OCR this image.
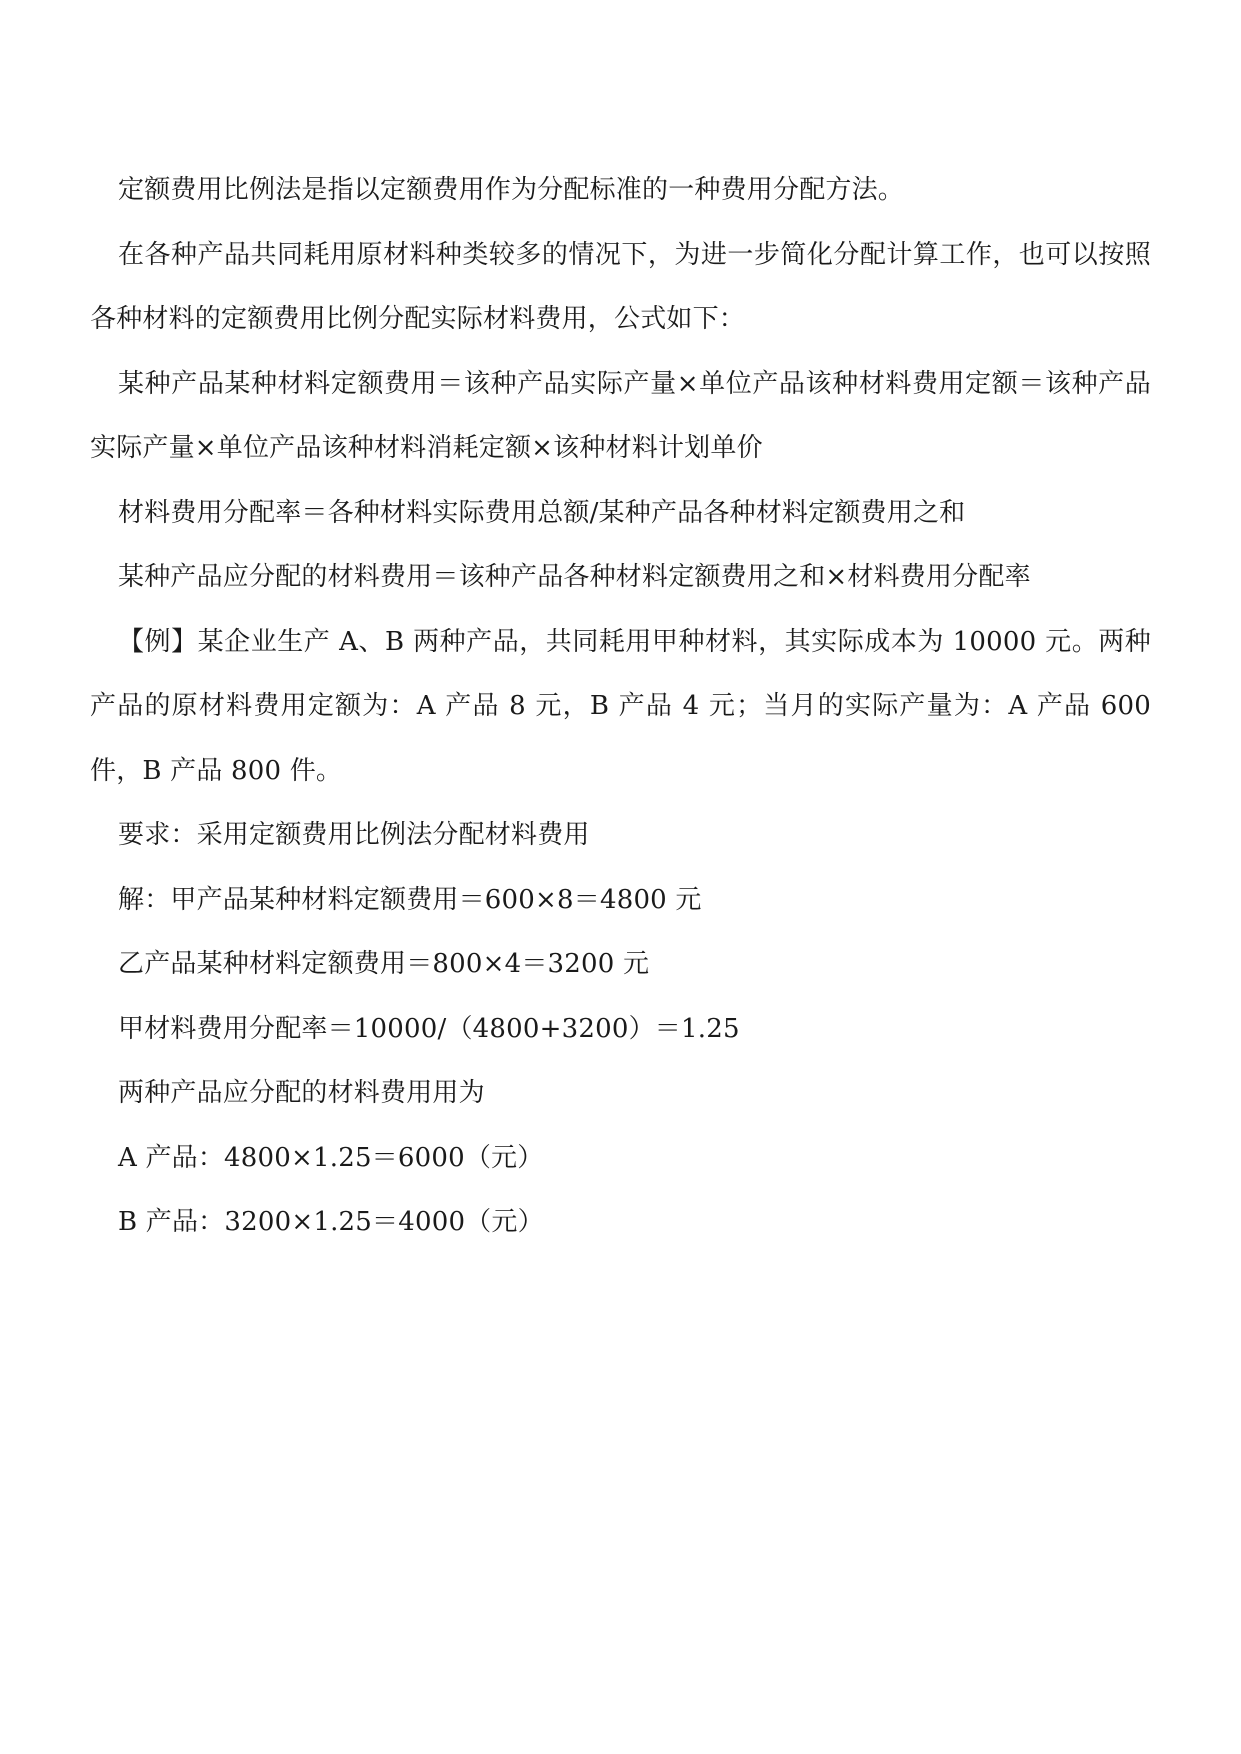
定额费用比例法是指以定额费用作为分配标准的一种费用分配方法。

在各种产品共同耗用原材料种类较多的情况下，为进一步简化分配计算工作，也可以按照各种材料的定额费用比例分配实际材料费用，公式如下：

某种产品某种材料定额费用＝该种产品实际产量×单位产品该种材料费用定额＝该种产品实际产量×单位产品该种材料消耗定额×该种材料计划单价

材料费用分配率＝各种材料实际费用总额/某种产品各种材料定额费用之和

某种产品应分配的材料费用＝该种产品各种材料定额费用之和×材料费用分配率

【例】某企业生产 A、B 两种产品，共同耗用甲种材料，其实际成本为 10000 元。两种产品的原材料费用定额为：A 产品 8 元，B 产品 4 元；当月的实际产量为：A 产品 600 件，B 产品 800 件。

要求：采用定额费用比例法分配材料费用

解：甲产品某种材料定额费用＝600×8＝4800 元

乙产品某种材料定额费用＝800×4＝3200 元

甲材料费用分配率＝10000/（4800+3200）＝1.25

两种产品应分配的材料费用用为

A 产品：4800×1.25＝6000（元）

B 产品：3200×1.25＝4000（元）
